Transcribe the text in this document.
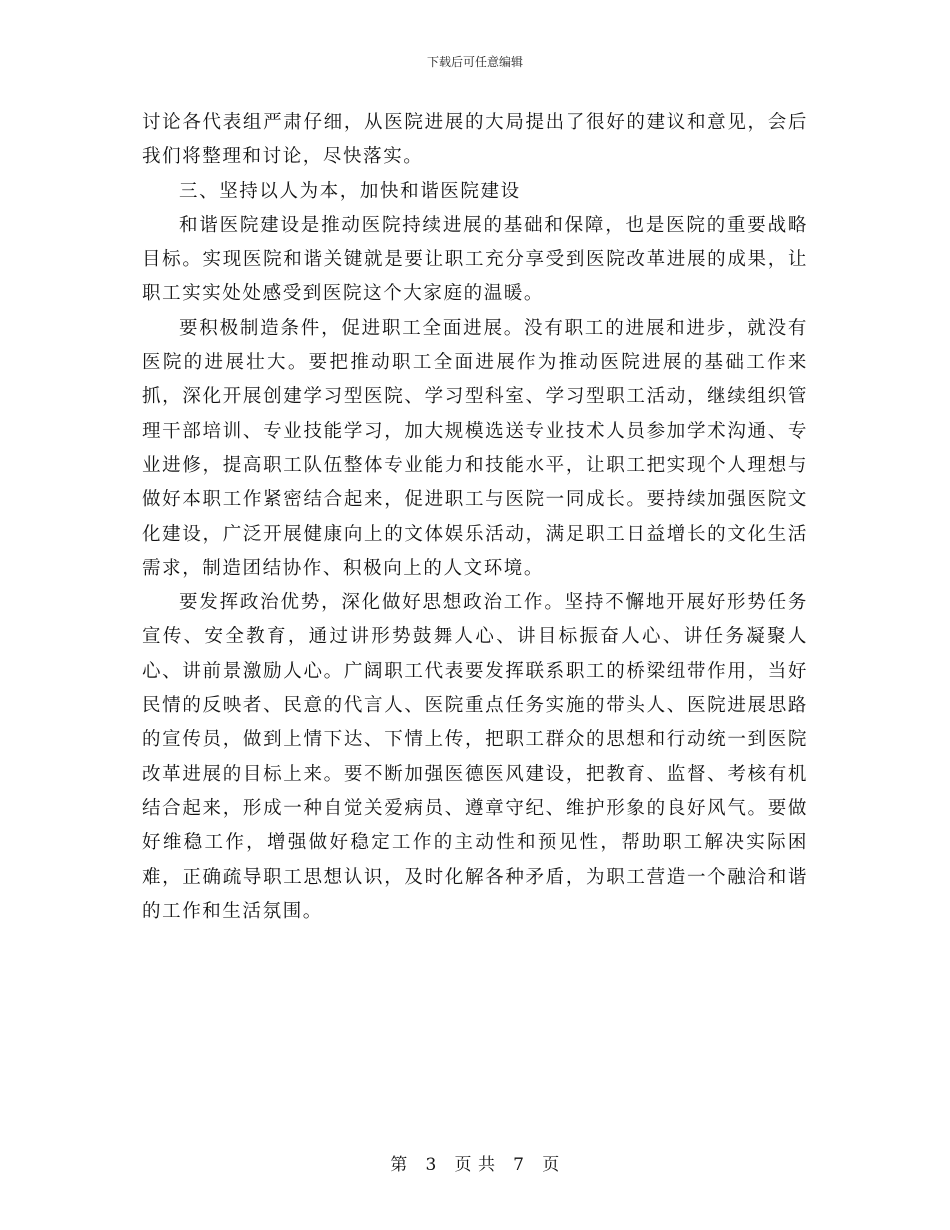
下载后可任意编辑

讨论各代表组严肃仔细，从医院进展的大局提出了很好的建议和意见，会后我们将整理和讨论，尽快落实。

三、坚持以人为本，加快和谐医院建设

和谐医院建设是推动医院持续进展的基础和保障，也是医院的重要战略目标。实现医院和谐关键就是要让职工充分享受到医院改革进展的成果，让职工实实处处感受到医院这个大家庭的温暖。

要积极制造条件，促进职工全面进展。没有职工的进展和进步，就没有医院的进展壮大。要把推动职工全面进展作为推动医院进展的基础工作来抓，深化开展创建学习型医院、学习型科室、学习型职工活动，继续组织管理干部培训、专业技能学习，加大规模选送专业技术人员参加学术沟通、专业进修，提高职工队伍整体专业能力和技能水平，让职工把实现个人理想与做好本职工作紧密结合起来，促进职工与医院一同成长。要持续加强医院文化建设，广泛开展健康向上的文体娱乐活动，满足职工日益增长的文化生活需求，制造团结协作、积极向上的人文环境。

要发挥政治优势，深化做好思想政治工作。坚持不懈地开展好形势任务宣传、安全教育，通过讲形势鼓舞人心、讲目标振奋人心、讲任务凝聚人心、讲前景激励人心。广阔职工代表要发挥联系职工的桥梁纽带作用，当好民情的反映者、民意的代言人、医院重点任务实施的带头人、医院进展思路的宣传员，做到上情下达、下情上传，把职工群众的思想和行动统一到医院改革进展的目标上来。要不断加强医德医风建设，把教育、监督、考核有机结合起来，形成一种自觉关爱病员、遵章守纪、维护形象的良好风气。要做好维稳工作，增强做好稳定工作的主动性和预见性，帮助职工解决实际困难，正确疏导职工思想认识，及时化解各种矛盾，为职工营造一个融洽和谐的工作和生活氛围。

第 3 页 共 7 页
